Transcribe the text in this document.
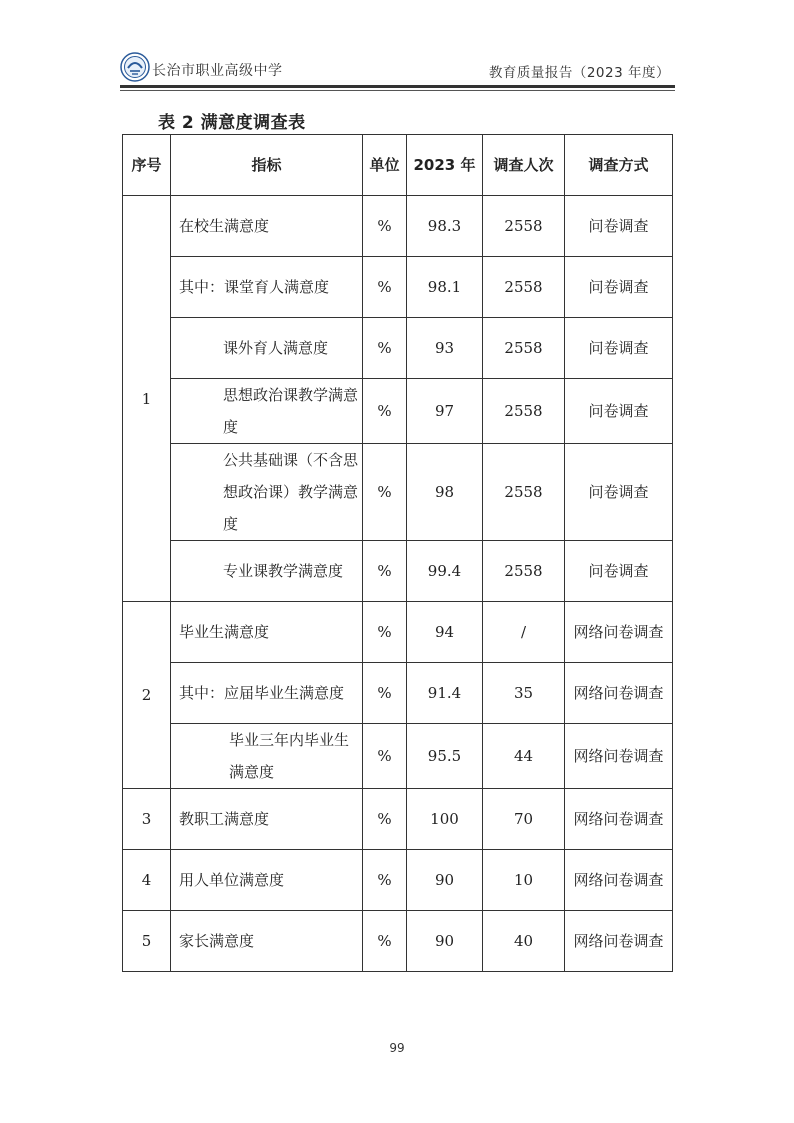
长治市职业高级中学	教育质量报告（2023 年度）
表 2 满意度调查表
序号	指标	单位	2023 年	调查人次	调查方式
1	在校生满意度	%	98.3	2558	问卷调查
	其中：课堂育人满意度	%	98.1	2558	问卷调查
	课外育人满意度	%	93	2558	问卷调查
	思想政治课教学满意度	%	97	2558	问卷调查
	公共基础课（不含思想政治课）教学满意度	%	98	2558	问卷调查
	专业课教学满意度	%	99.4	2558	问卷调查
2	毕业生满意度	%	94	/	网络问卷调查
	其中：应届毕业生满意度	%	91.4	35	网络问卷调查
	毕业三年内毕业生满意度	%	95.5	44	网络问卷调查
3	教职工满意度	%	100	70	网络问卷调查
4	用人单位满意度	%	90	10	网络问卷调查
5	家长满意度	%	90	40	网络问卷调查
99
